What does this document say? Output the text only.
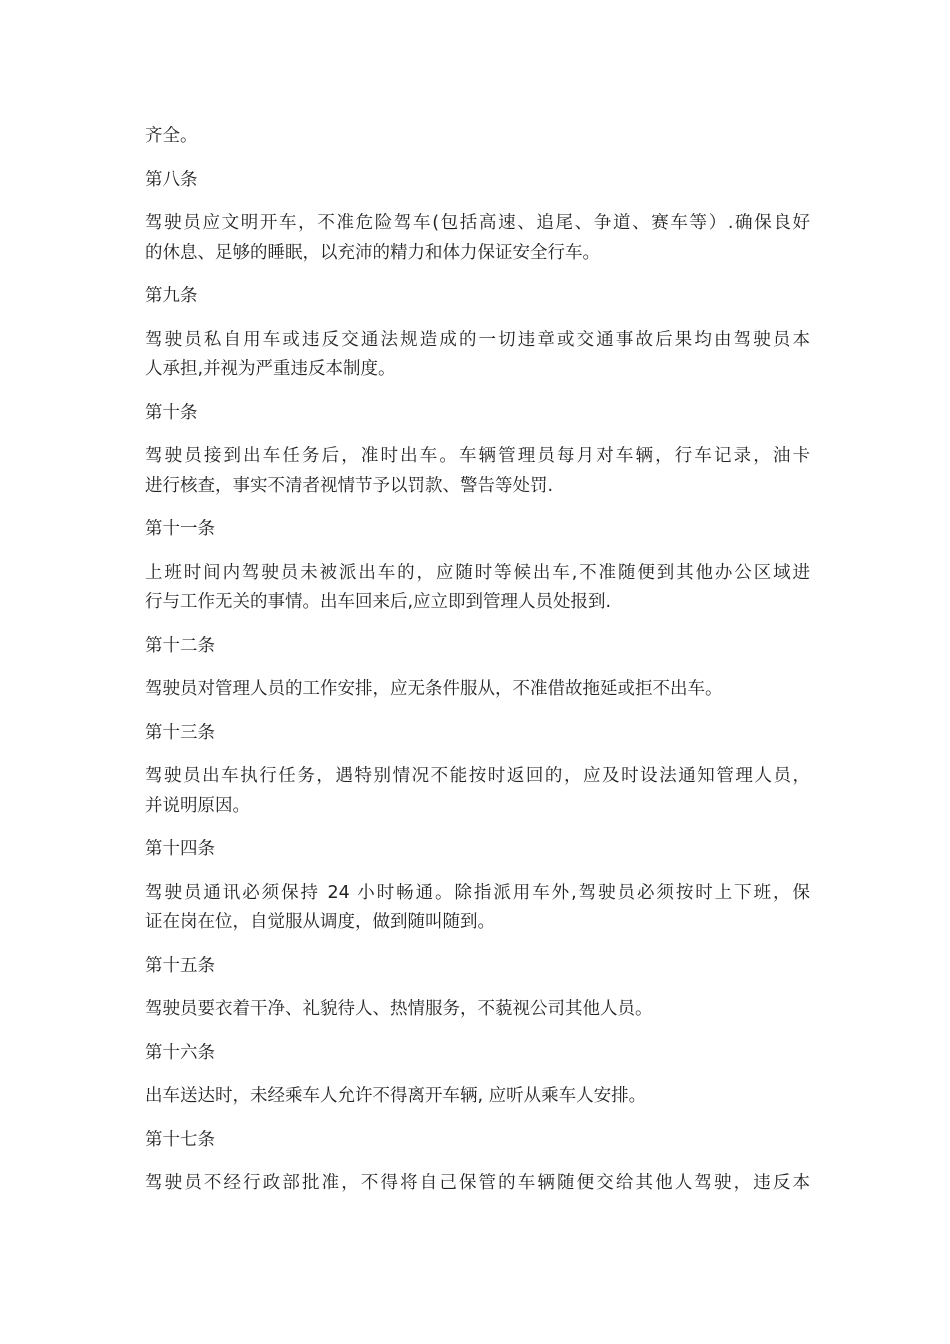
齐全。
第八条
驾驶员应文明开车，不准危险驾车(包括高速、追尾、争道、赛车等）.确保良好
的休息、足够的睡眠，以充沛的精力和体力保证安全行车。
第九条
驾驶员私自用车或违反交通法规造成的一切违章或交通事故后果均由驾驶员本
人承担,并视为严重违反本制度。
第十条
驾驶员接到出车任务后，准时出车。车辆管理员每月对车辆，行车记录，油卡
进行核查，事实不清者视情节予以罚款、警告等处罚.
第十一条
上班时间内驾驶员未被派出车的，应随时等候出车,不准随便到其他办公区域进
行与工作无关的事情。出车回来后,应立即到管理人员处报到.
第十二条
驾驶员对管理人员的工作安排，应无条件服从，不准借故拖延或拒不出车。
第十三条
驾驶员出车执行任务，遇特别情况不能按时返回的，应及时设法通知管理人员，
并说明原因。
第十四条
驾驶员通讯必须保持 24 小时畅通。除指派用车外,驾驶员必须按时上下班，保
证在岗在位，自觉服从调度，做到随叫随到。
第十五条
驾驶员要衣着干净、礼貌待人、热情服务，不藐视公司其他人员。
第十六条
出车送达时，未经乘车人允许不得离开车辆, 应听从乘车人安排。
第十七条
驾驶员不经行政部批准，不得将自己保管的车辆随便交给其他人驾驶，违反本
